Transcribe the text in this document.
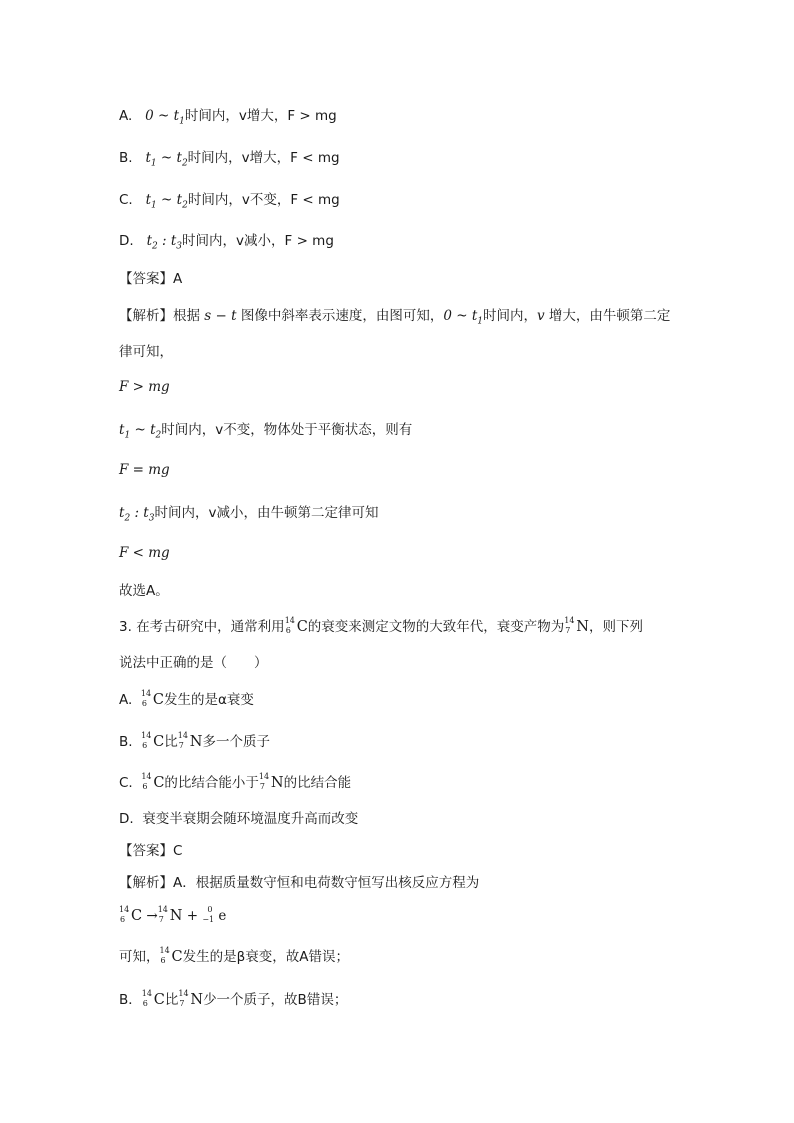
A. 0 ~ $t_1$时间内，v增大，F > mg
B. $t_1$ ~ $t_2$时间内，v增大，F < mg
C. $t_1$ ~ $t_2$时间内，v不变，F < mg
D. $t_2$ : $t_3$时间内，v减小，F > mg
【答案】A
【解析】根据 s − t 图像中斜率表示速度，由图可知，0 ~ $t_1$时间内，v 增大，由牛顿第二定
律可知，
F > mg
$t_1$ ~ $t_2$时间内，v不变，物体处于平衡状态，则有
F = mg
$t_2$ : $t_3$时间内，v减小，由牛顿第二定律可知
F < mg
故选A。
3. 在考古研究中，通常利用 14
6 C的衰变来测定文物的大致年代，衰变产物为 14
7 N，则下列
说法中正确的是（　　）
A. 14
6 C发生的是α衰变
B. 14
6 C比 14
7 N多一个质子
C. 14
6 C的比结合能小于 14
7 N的比结合能
D. 衰变半衰期会随环境温度升高而改变
【答案】C
【解析】A．根据质量数守恒和电荷数守恒写出核反应方程为
14
6 C → 14
7 N + 0
−1 e
可知， 14
6 C发生的是β衰变，故A错误；
B． 14
6 C比 14
7 N少一个质子，故B错误；
